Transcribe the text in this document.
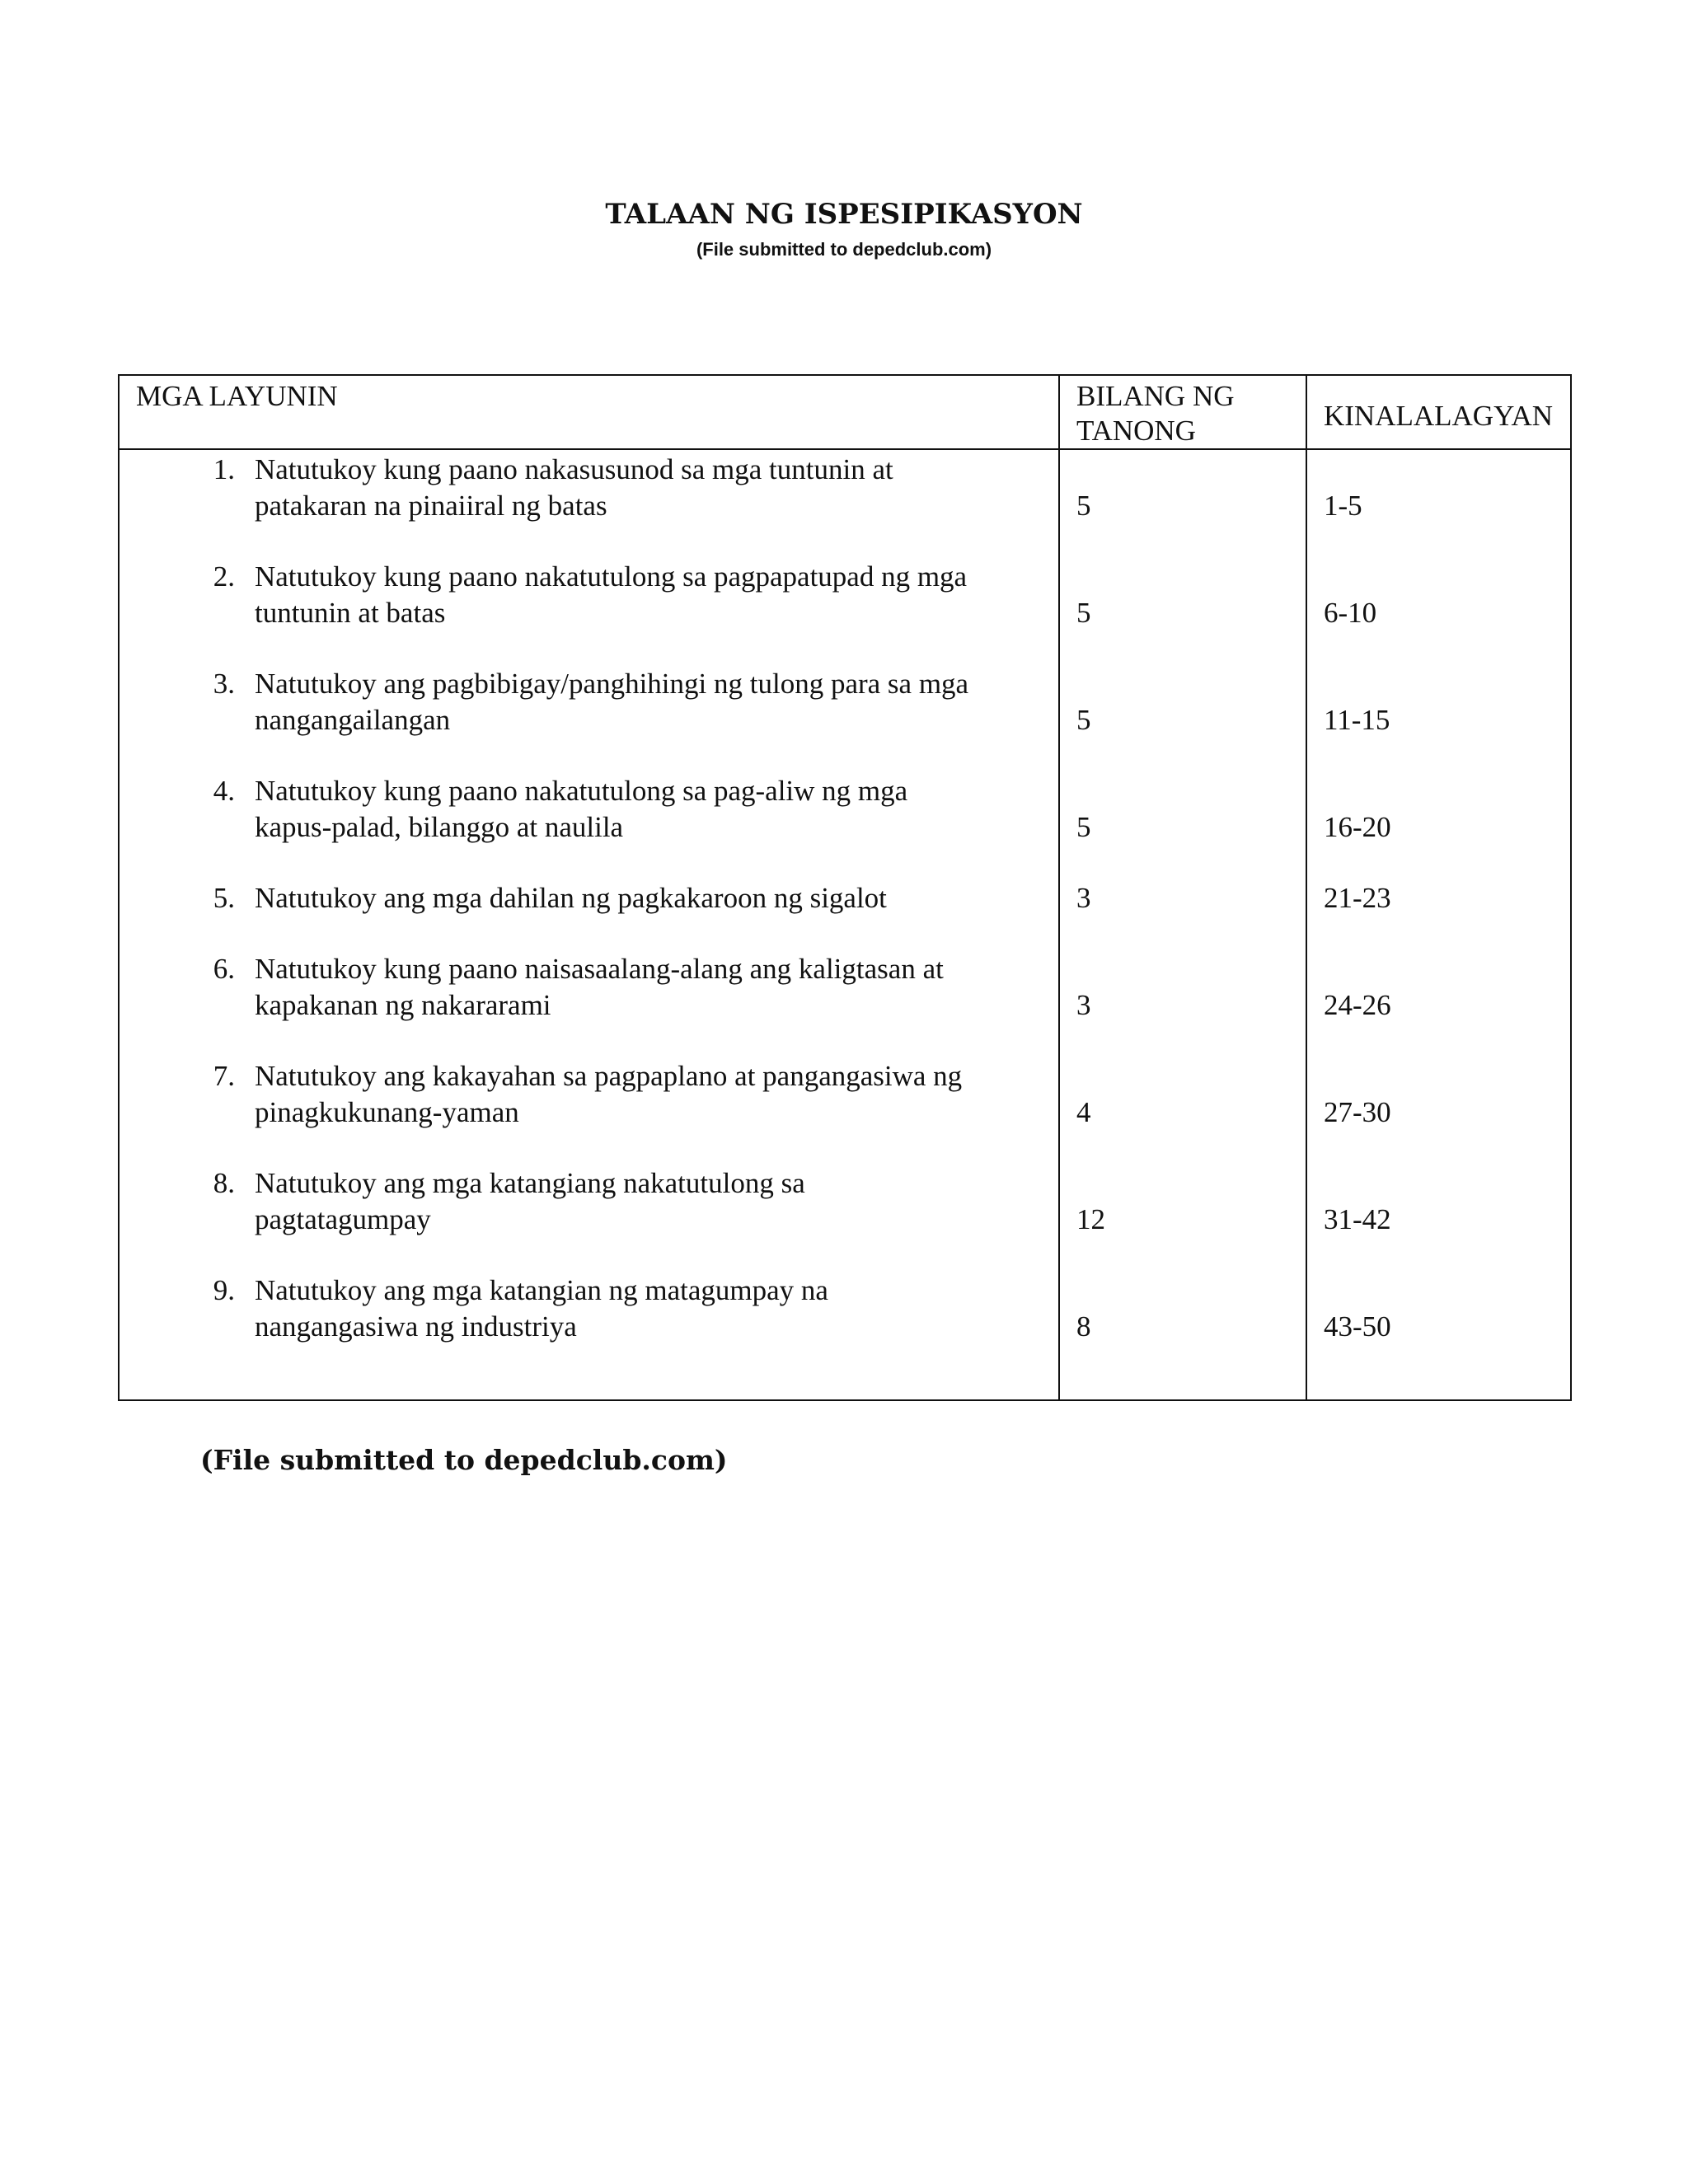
TALAAN NG ISPESIPIKASYON
(File submitted to depedclub.com)
MGA LAYUNIN	BILANG NG TANONG	KINALALAGYAN

1. Natutukoy kung paano nakasusunod sa mga tuntunin at
patakaran na pinaiiral ng batas	5	1-5

2. Natutukoy kung paano nakatutulong sa pagpapatupad ng mga
tuntunin at batas	5	6-10

3. Natutukoy ang pagbibigay/panghihingi ng tulong para sa mga
nangangailangan	5	11-15

4. Natutukoy kung paano nakatutulong sa pag-aliw ng mga
kapus-palad, bilanggo at naulila	5	16-20

5. Natutukoy ang mga dahilan ng pagkakaroon ng sigalot	3	21-23

6. Natutukoy kung paano naisasaalang-alang ang kaligtasan at
kapakanan ng nakararami	3	24-26

7. Natutukoy ang kakayahan sa pagpaplano at pangangasiwa ng
pinagkukunang-yaman	4	27-30

8. Natutukoy ang mga katangiang nakatutulong sa
pagtatagumpay	12	31-42

9. Natutukoy ang mga katangian ng matagumpay na
nangangasiwa ng industriya	8	43-50
(File submitted to depedclub.com)
